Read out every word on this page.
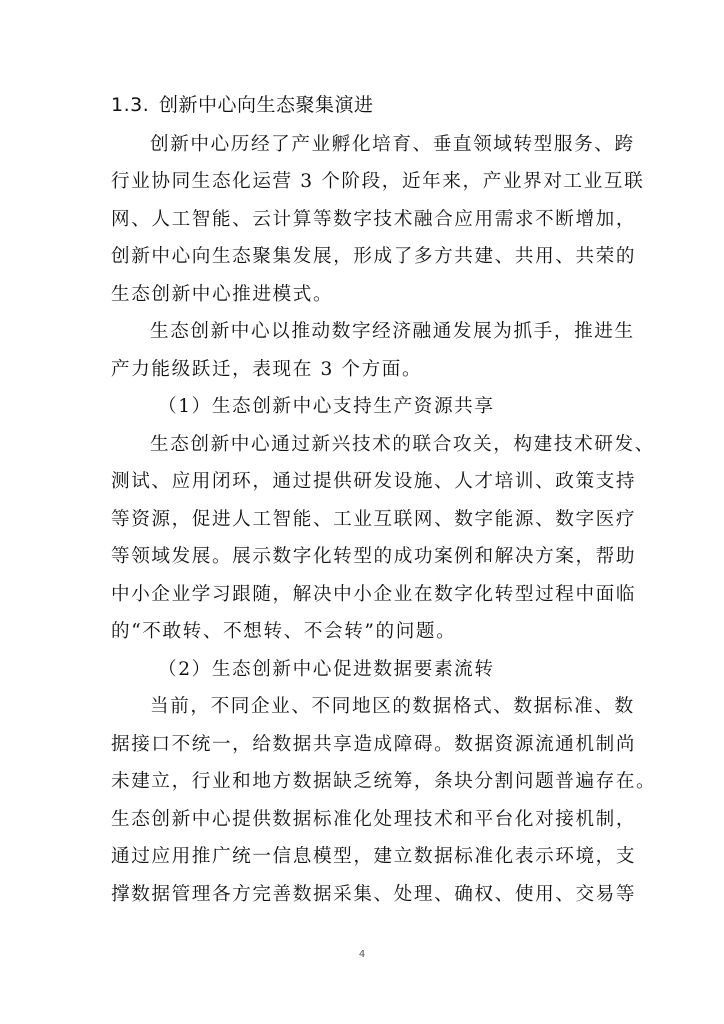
1.3. 创新中心向生态聚集演进
创新中心历经了产业孵化培育、垂直领域转型服务、跨
行业协同生态化运营 3 个阶段，近年来，产业界对工业互联
网、人工智能、云计算等数字技术融合应用需求不断增加，
创新中心向生态聚集发展，形成了多方共建、共用、共荣的
生态创新中心推进模式。
生态创新中心以推动数字经济融通发展为抓手，推进生
产力能级跃迁，表现在 3 个方面。
（1）生态创新中心支持生产资源共享
生态创新中心通过新兴技术的联合攻关，构建技术研发、
测试、应用闭环，通过提供研发设施、人才培训、政策支持
等资源，促进人工智能、工业互联网、数字能源、数字医疗
等领域发展。展示数字化转型的成功案例和解决方案，帮助
中小企业学习跟随，解决中小企业在数字化转型过程中面临
的“不敢转、不想转、不会转”的问题。
（2）生态创新中心促进数据要素流转
当前，不同企业、不同地区的数据格式、数据标准、数
据接口不统一，给数据共享造成障碍。数据资源流通机制尚
未建立，行业和地方数据缺乏统筹，条块分割问题普遍存在。
生态创新中心提供数据标准化处理技术和平台化对接机制，
通过应用推广统一信息模型，建立数据标准化表示环境，支
撑数据管理各方完善数据采集、处理、确权、使用、交易等
4
